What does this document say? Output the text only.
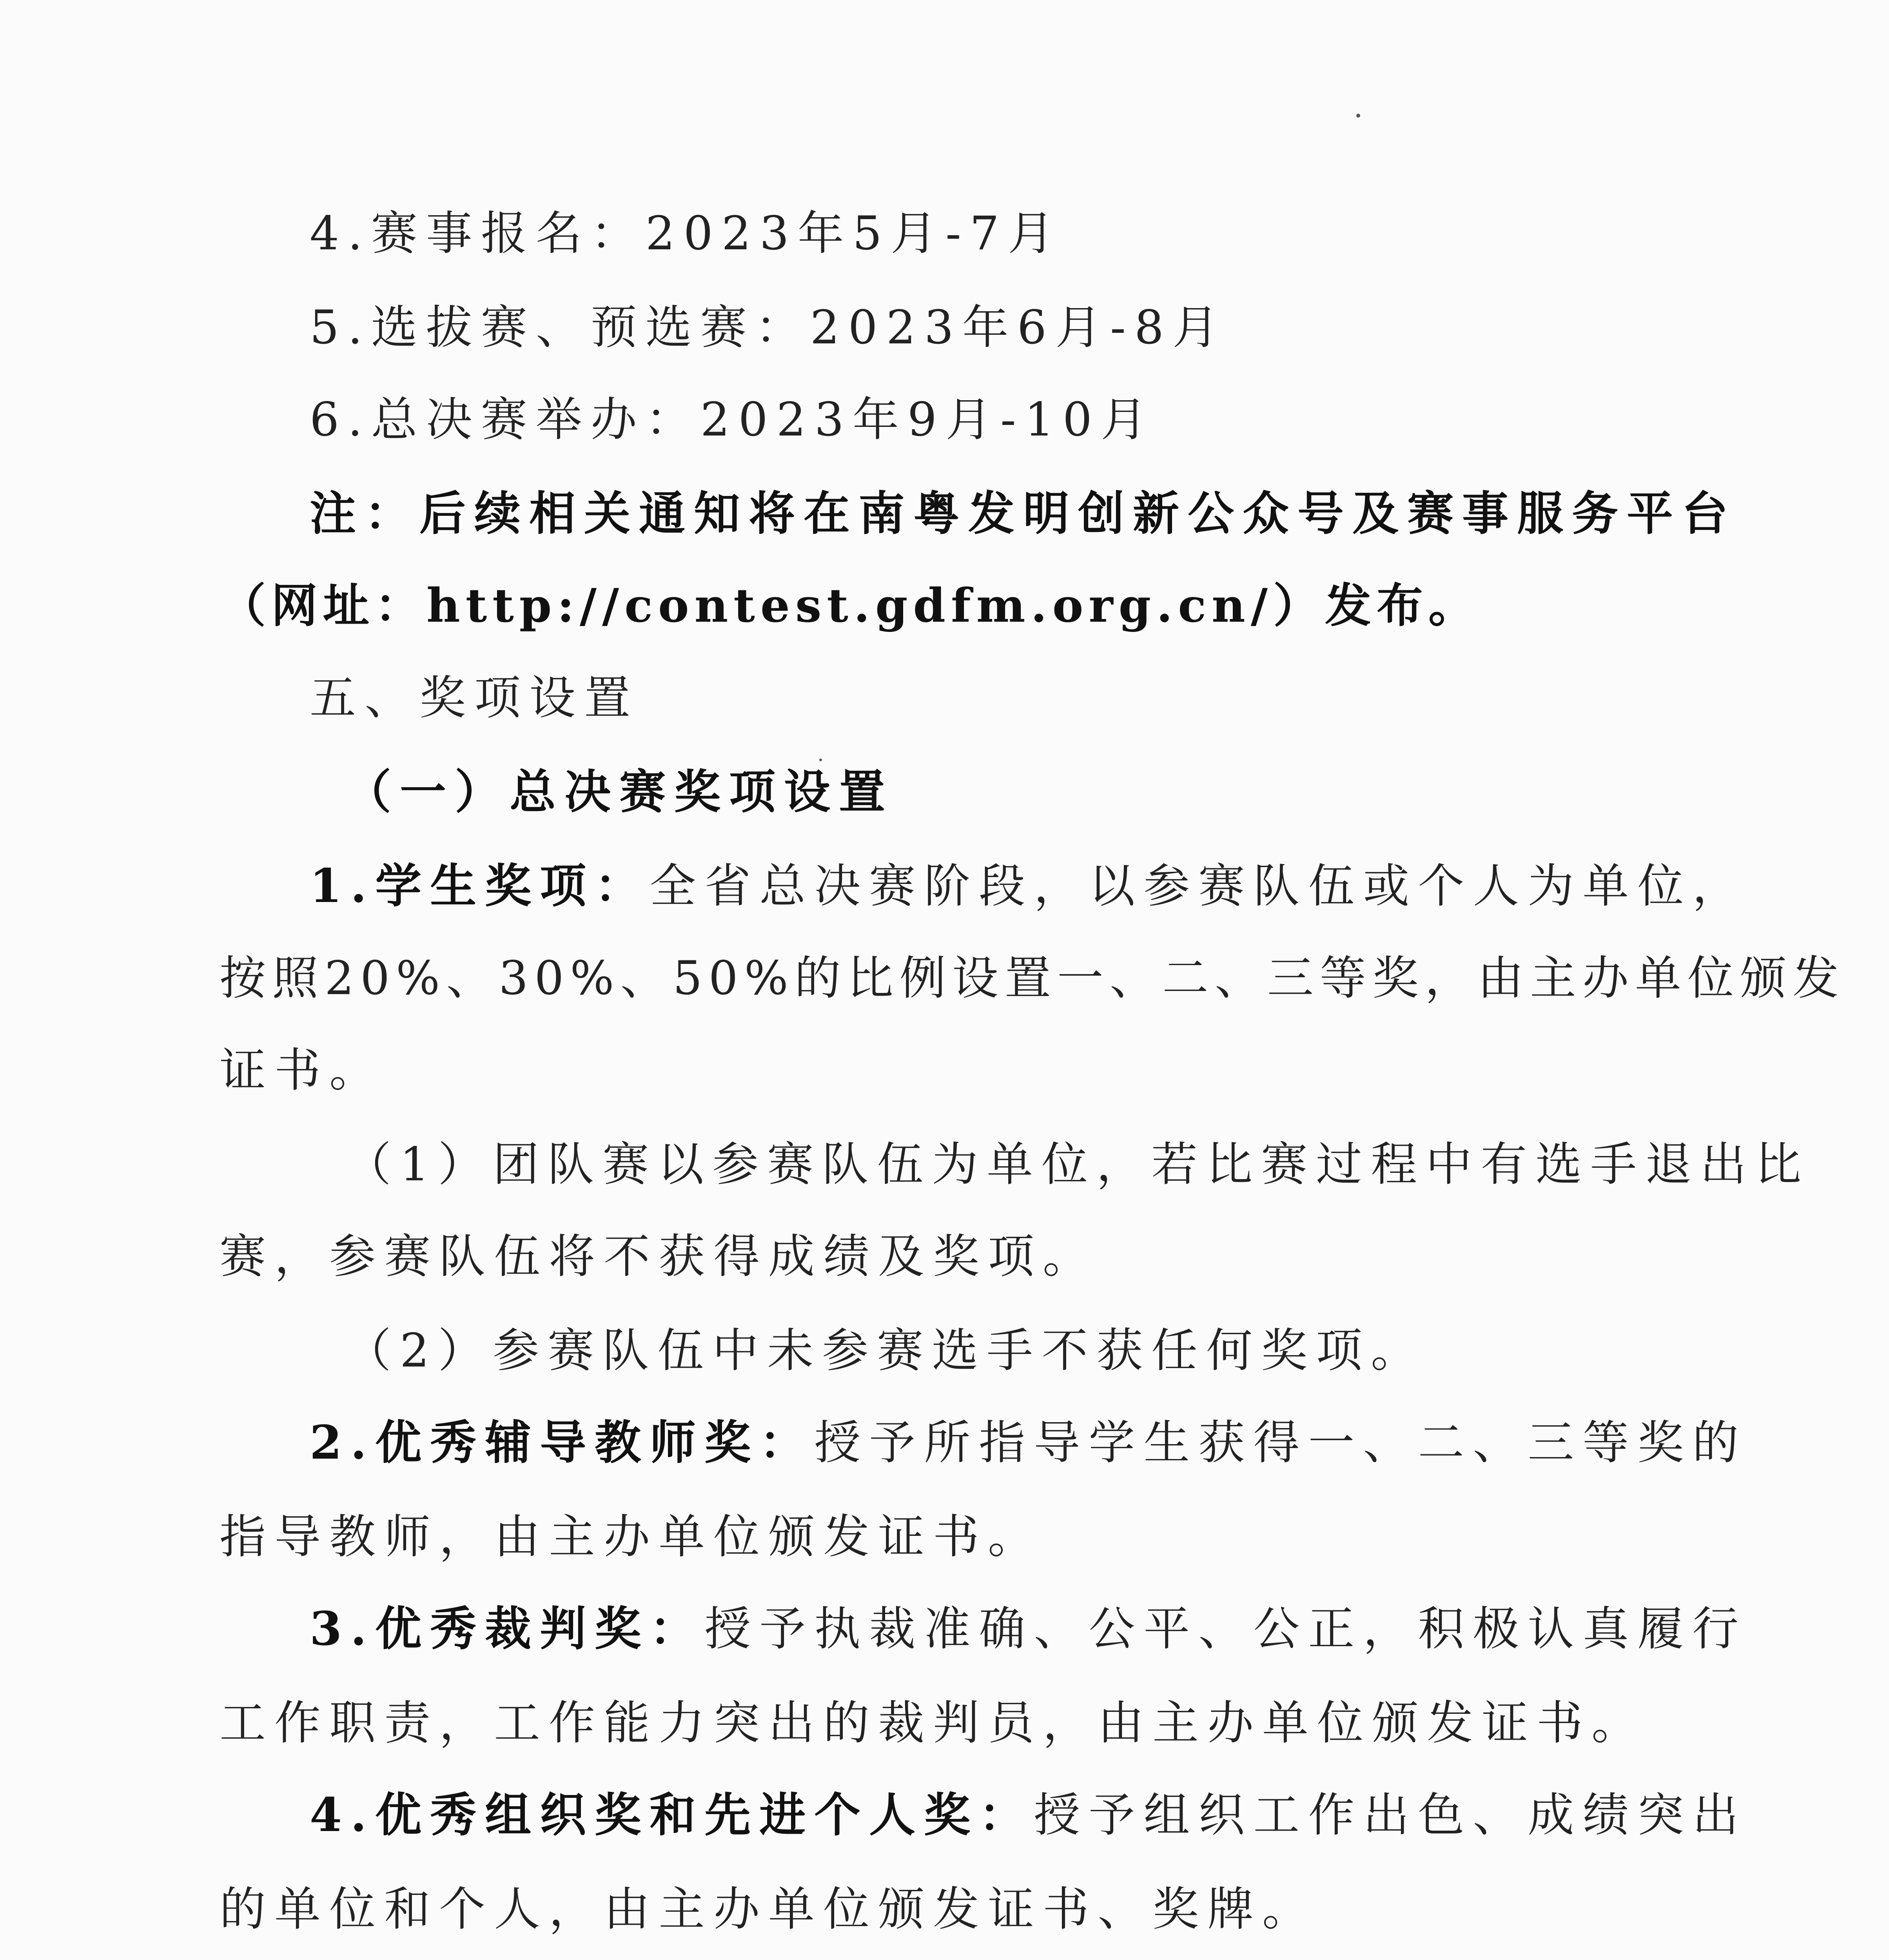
4.赛事报名：2023年5月-7月
5.选拔赛、预选赛：2023年6月-8月
6.总决赛举办：2023年9月-10月
注：后续相关通知将在南粤发明创新公众号及赛事服务平台
（网址：http://contest.gdfm.org.cn/）发布。
五、奖项设置
（一）总决赛奖项设置
1.学生奖项：全省总决赛阶段，以参赛队伍或个人为单位，
按照20%、30%、50%的比例设置一、二、三等奖，由主办单位颁发
证书。
（1）团队赛以参赛队伍为单位，若比赛过程中有选手退出比
赛，参赛队伍将不获得成绩及奖项。
（2）参赛队伍中未参赛选手不获任何奖项。
2.优秀辅导教师奖：授予所指导学生获得一、二、三等奖的
指导教师，由主办单位颁发证书。
3.优秀裁判奖：授予执裁准确、公平、公正，积极认真履行
工作职责，工作能力突出的裁判员，由主办单位颁发证书。
4.优秀组织奖和先进个人奖：授予组织工作出色、成绩突出
的单位和个人，由主办单位颁发证书、奖牌。
